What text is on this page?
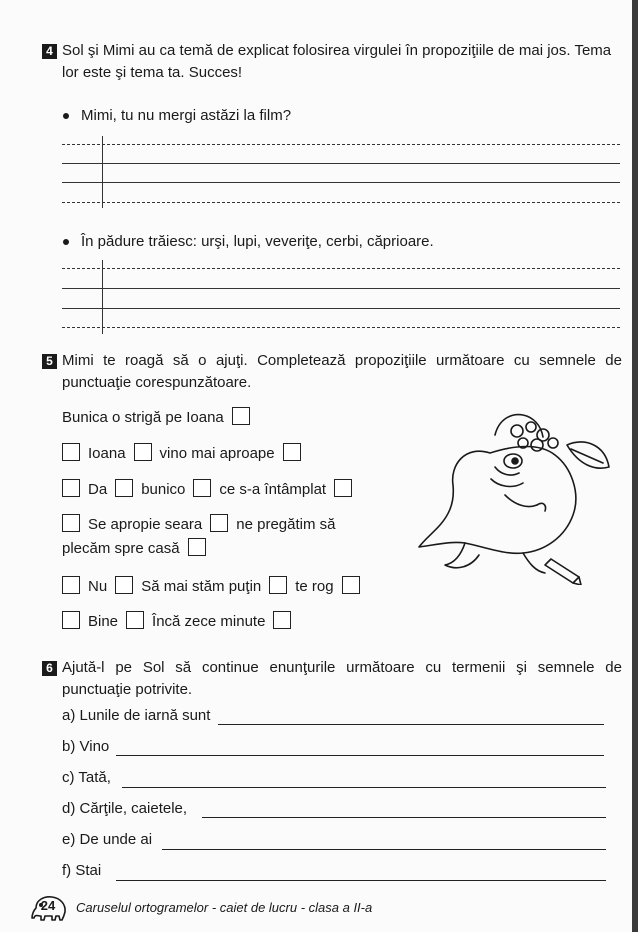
4 Sol şi Mimi au ca temă de explicat folosirea virgulei în propoziţiile de mai jos. Tema
lor este şi tema ta. Succes!
Mimi, tu nu mergi astăzi la film?
În pădure trăiesc: urşi, lupi, veveriţe, cerbi, căprioare.
5 Mimi te roagă să o ajuţi. Completează propoziţiile următoare cu semnele de
punctuaţie corespunzătoare.
Bunica o strigă pe Ioana
Ioana vino mai aproape
Da bunico ce s-a întâmplat
Se apropie seara ne pregătim să
plecăm spre casă
Nu Să mai stăm puţin te rog
Bine Încă zece minute
6 Ajută-l pe Sol să continue enunţurile următoare cu termenii şi semnele de
punctuaţie potrivite.
a) Lunile de iarnă sunt
b) Vino
c) Tată,
d) Cărţile, caietele,
e) De unde ai
f) Stai
24	Caruselul ortogramelor - caiet de lucru - clasa a II-a
